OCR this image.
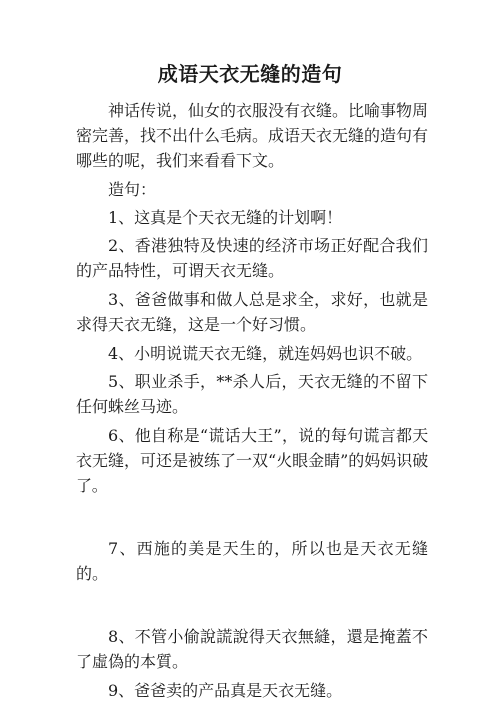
成语天衣无缝的造句

神话传说，仙女的衣服没有衣缝。比喻事物周密完善，找不出什么毛病。成语天衣无缝的造句有哪些的呢，我们来看看下文。

造句：

1、这真是个天衣无缝的计划啊！

2、香港独特及快速的经济市场正好配合我们的产品特性，可谓天衣无缝。

3、爸爸做事和做人总是求全，求好，也就是求得天衣无缝，这是一个好习惯。

4、小明说谎天衣无缝，就连妈妈也识不破。

5、职业杀手，**杀人后，天衣无缝的不留下任何蛛丝马迹。

6、他自称是“谎话大王”，说的每句谎言都天衣无缝，可还是被练了一双“火眼金睛”的妈妈识破了。

7、西施的美是天生的，所以也是天衣无缝的。

8、不管小偷說謊說得天衣無縫，還是掩蓋不了虛偽的本質。

9、爸爸卖的产品真是天衣无缝。
